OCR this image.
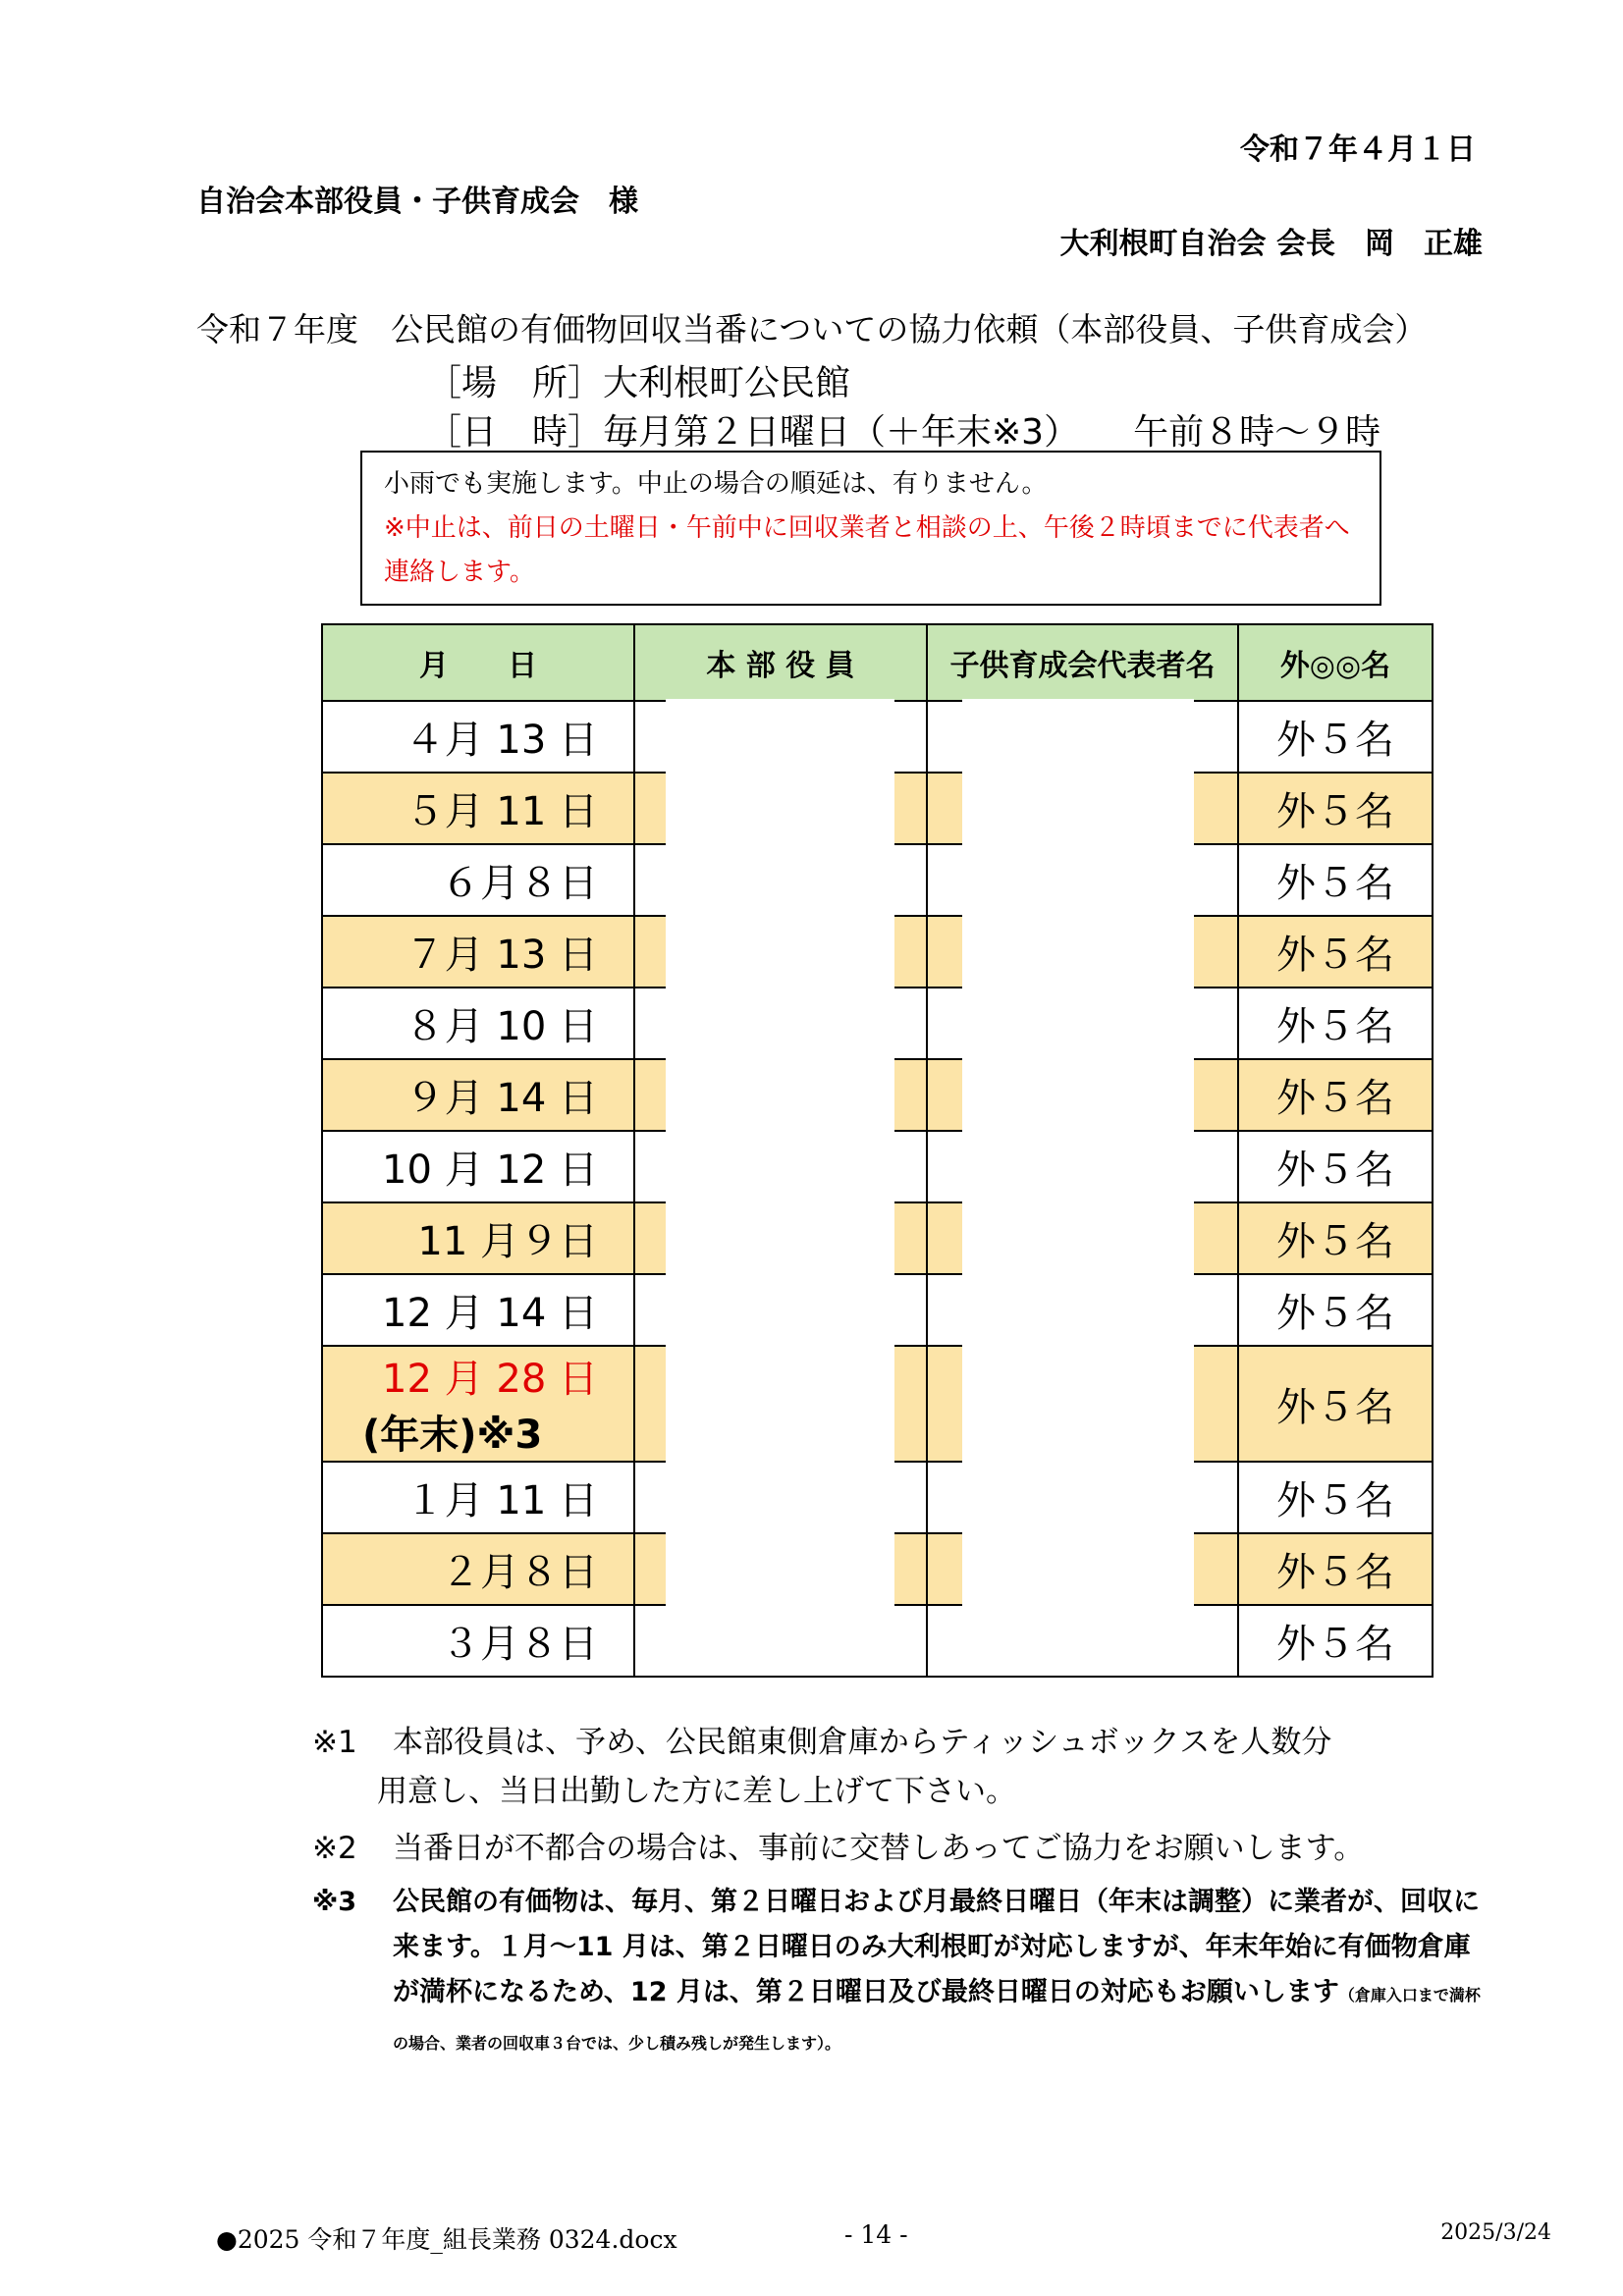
令和７年４月１日
自治会本部役員・子供育成会　様
大利根町自治会 会長　岡　正雄
令和７年度　公民館の有価物回収当番についての協力依頼（本部役員、子供育成会）
［場　所］大利根町公民館
［日　時］毎月第２日曜日（＋年末※3） 午前８時～９時
小雨でも実施します。中止の場合の順延は、有りません。
※中止は、前日の土曜日・午前中に回収業者と相談の上、午後２時頃までに代表者へ連絡します。
月　　日	本 部 役 員	子供育成会代表者名	外◎◎名
４月 13 日			外５名
５月 11 日			外５名
６月８日			外５名
７月 13 日			外５名
８月 10 日			外５名
９月 14 日			外５名
10 月 12 日			外５名
11 月９日			外５名
12 月 14 日			外５名
12 月 28 日
(年末)※3			外５名
１月 11 日			外５名
２月８日			外５名
３月８日			外５名
※1 本部役員は、予め、公民館東側倉庫からティッシュボックスを人数分
用意し、当日出勤した方に差し上げて下さい。
※2 当番日が不都合の場合は、事前に交替しあってご協力をお願いします。
※3	公民館の有価物は、毎月、第２日曜日および月最終日曜日（年末は調整）に業者が、回収に来ます。１月～11 月は、第２日曜日のみ大利根町が対応しますが、年末年始に有価物倉庫が満杯になるため、12 月は、第２日曜日及び最終日曜日の対応もお願いします（倉庫入口まで満杯の場合、業者の回収車３台では、少し積み残しが発生します）。
●2025 令和７年度_組長業務 0324.docx	- 14 -	2025/3/24
